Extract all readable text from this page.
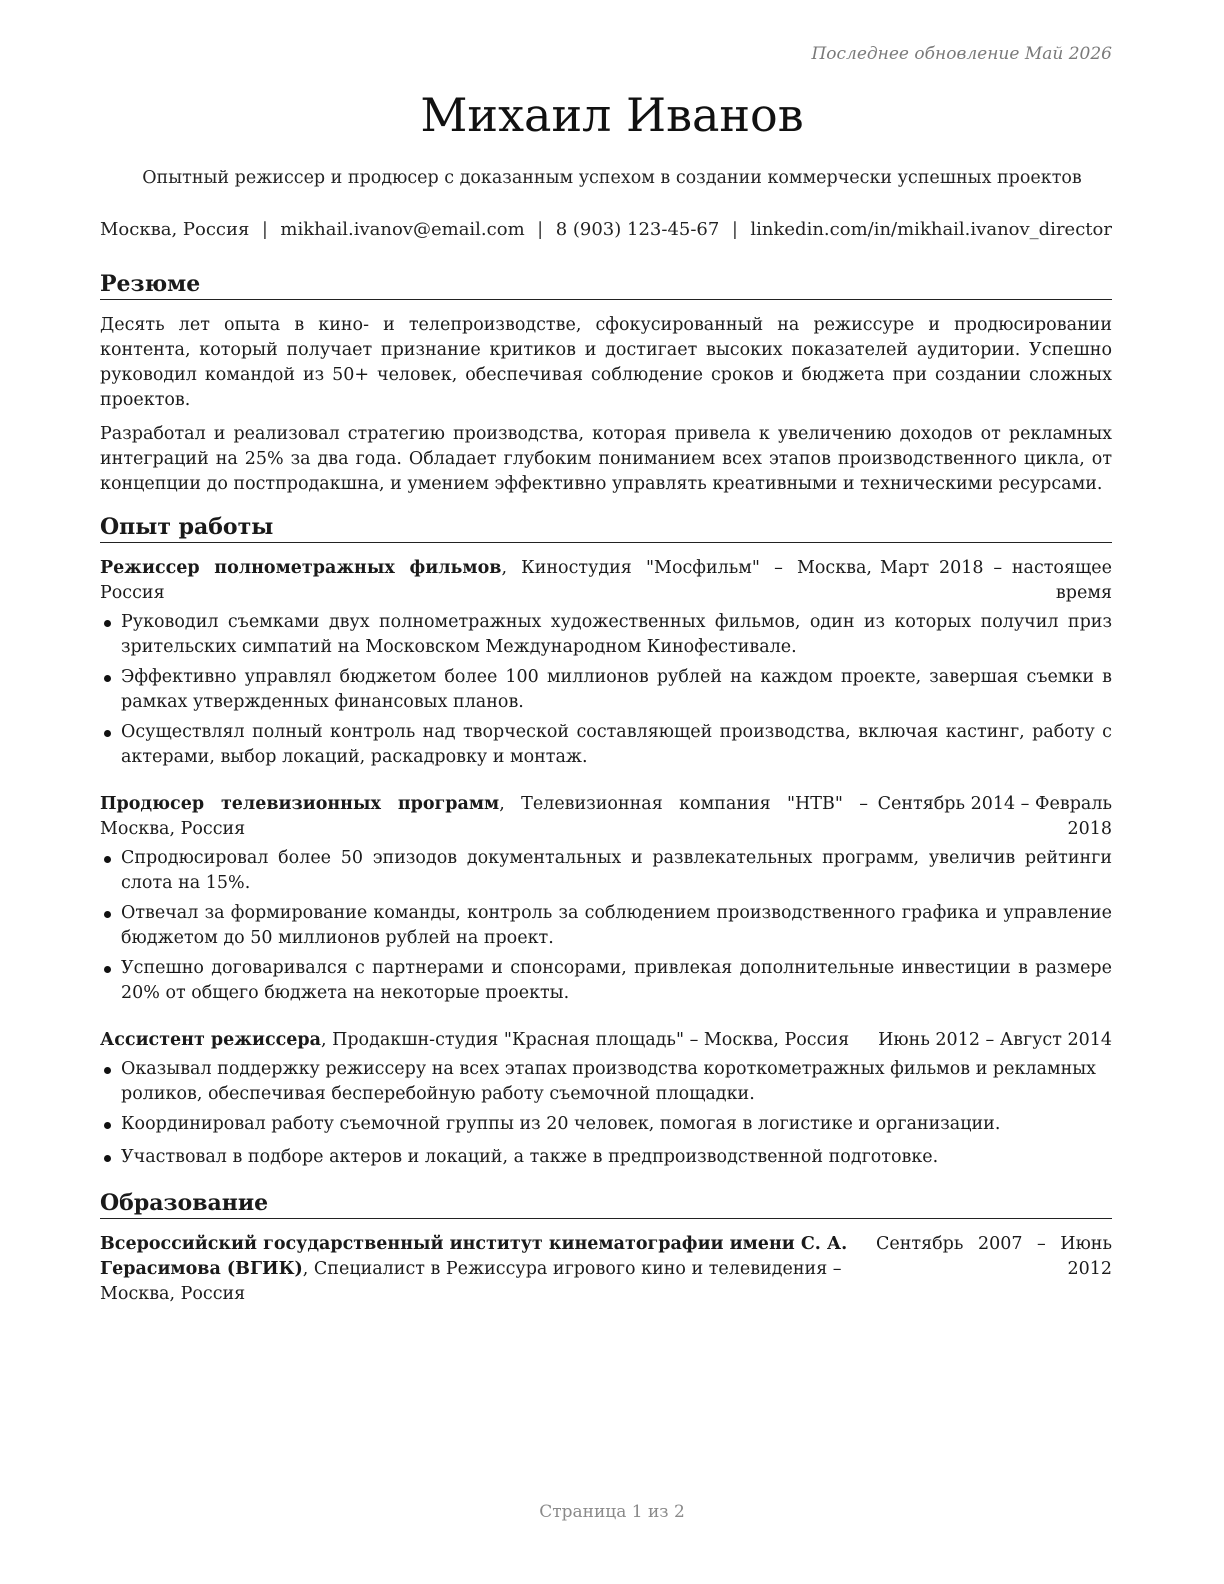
Последнее обновление Май 2026
Михаил Иванов
Опытный режиссер и продюсер с доказанным успехом в создании коммерчески успешных проектов
Москва, Россия | mikhail.ivanov@email.com | 8 (903) 123-45-67 | linkedin.com/in/mikhail.ivanov_director
Резюме

Десять лет опыта в кино- и телепроизводстве, сфокусированный на режиссуре и продюсировании контента, который получает признание критиков и достигает высоких показателей аудитории. Успешно руководил командой из 50+ человек, обеспечивая соблюдение сроков и бюджета при создании сложных проектов.

Разработал и реализовал стратегию производства, которая привела к увеличению доходов от рекламных интеграций на 25% за два года. Обладает глубоким пониманием всех этапов производственного цикла, от концепции до постпродакшна, и умением эффективно управлять креативными и техническими ресурсами.

Опыт работы
Режиссер полнометражных фильмов, Киностудия "Мосфильм" – Москва, Россия
Март 2018 – настоящее время
Руководил съемками двух полнометражных художественных фильмов, один из которых получил приз зрительских симпатий на Московском Международном Кинофестивале.
Эффективно управлял бюджетом более 100 миллионов рублей на каждом проекте, завершая съемки в рамках утвержденных финансовых планов.
Осуществлял полный контроль над творческой составляющей производства, включая кастинг, работу с актерами, выбор локаций, раскадровку и монтаж.
Продюсер телевизионных программ, Телевизионная компания "НТВ" – Москва, Россия
Сентябрь 2014 – Февраль 2018
Спродюсировал более 50 эпизодов документальных и развлекательных программ, увеличив рейтинги слота на 15%.
Отвечал за формирование команды, контроль за соблюдением производственного графика и управление бюджетом до 50 миллионов рублей на проект.
Успешно договаривался с партнерами и спонсорами, привлекая дополнительные инвестиции в размере 20% от общего бюджета на некоторые проекты.
Ассистент режиссера, Продакшн-студия "Красная площадь" – Москва, Россия	Июнь 2012 – Август 2014
Оказывал поддержку режиссеру на всех этапах производства короткометражных фильмов и рекламных роликов, обеспечивая бесперебойную работу съемочной площадки.
Координировал работу съемочной группы из 20 человек, помогая в логистике и организации.
Участвовал в подборе актеров и локаций, а также в предпроизводственной подготовке.
Образование
Всероссийский государственный институт кинематографии имени С. А. Герасимова (ВГИК), Специалист в Режиссура игрового кино и телевидения – Москва, Россия
Сентябрь 2007 – Июнь 2012
Страница 1 из 2
